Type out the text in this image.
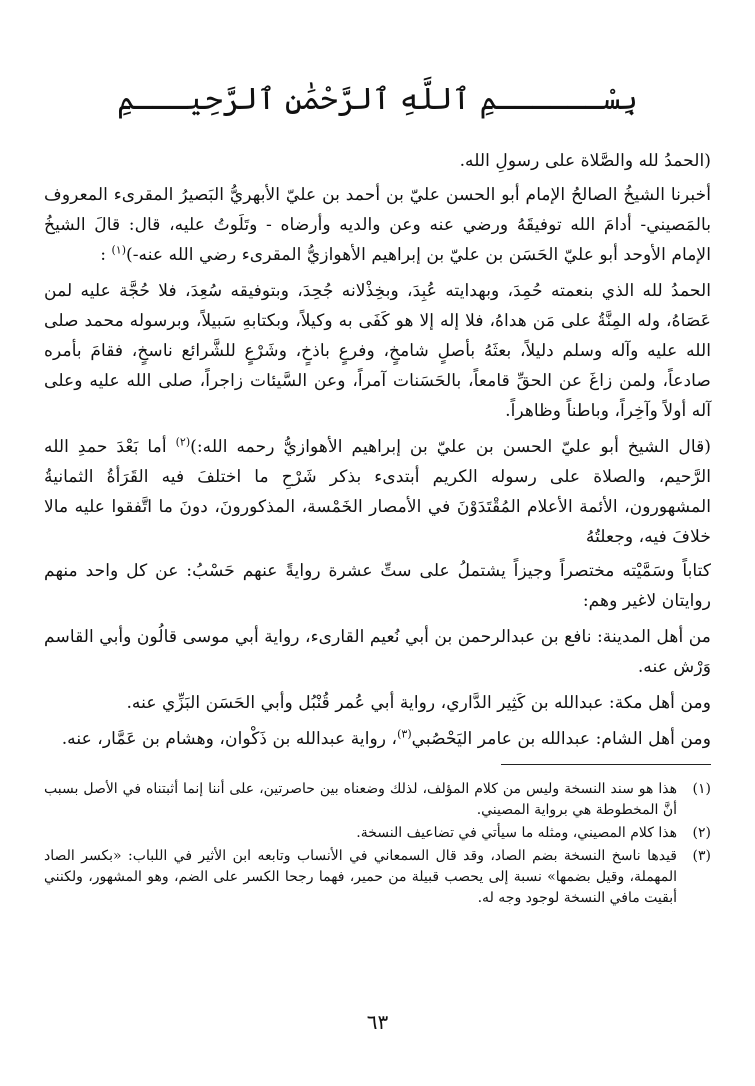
بِسْــــــمِ ٱللَّهِ ٱلرَّحْمَٰنِ ٱلرَّحِيـــمِ

(الحمدُ لله والصَّلاة على رسولِ الله.

أخبرنا الشيخُ الصالحُ الإمام أبو الحسن عليّ بن أحمد بن عليّ الأبهريُّ البَصيرُ المقرىء المعروف بالمَصيني- أدامَ الله توفيقَهُ ورضي عنه وعن والديه وأرضاه - وتَلَوتُ عليه، قال: قالَ الشيخُ الإمام الأوحد أبو عليّ الحَسَن بن عليّ بن إبراهيم الأهوازيُّ المقرىء رضي الله عنه-)$^{(١)}$ :

الحمدُ لله الذي بنعمته حُمِدَ، وبهدايته عُبِدَ، وبخِذْلانه جُحِدَ، وبتوفيقه سُعِدَ، فلا حُجَّة عليه لمن عَصَاهُ، وله المِنَّةُ على مَن هداهُ، فلا إله إلا هو كَفَى به وكيلاً، وبكتابهِ سَبيلاً، وبرسوله محمد صلى الله عليه وآله وسلم دليلاً، بعثَهُ بأصلٍ شامخٍ، وفرعٍ باذخٍ، وشَرْعٍ للشَّرائع ناسخٍ، فقامَ بأمره صادعاً، ولمن زاغَ عن الحقِّ قامعاً، بالحَسَنات آمراً، وعن السَّيئات زاجراً، صلى الله عليه وعلى آله أولاً وآخِراً، وباطناً وظاهراً.

(قال الشيخ أبو عليّ الحسن بن عليّ بن إبراهيم الأهوازيُّ رحمه الله:)$^{(٢)}$ أما بَعْدَ حمدِ الله الرَّحيم، والصلاة على رسوله الكريم أبتدىء بذكر شَرْحِ ما اختلفَ فيه القَرَأةُ الثمانيةُ المشهورون، الأئمة الأعلام المُقْتَدَوْنَ في الأمصار الخَمْسة، المذكورونَ، دونَ ما اتَّفقوا عليه مالا خلافَ فيه، وجعلتُهُ

كتاباً وسَمَّيْته مختصراً وجيزاً يشتملُ على ستِّ عشرة روايةً عنهم حَسْبُ: عن كل واحد منهم روايتان لاغير وهم:

من أهل المدينة: نافع بن عبدالرحمن بن أبي نُعيم القارىء، رواية أبي موسى قالُون وأبي القاسم وَرْش عنه.

ومن أهل مكة: عبدالله بن كَثِير الدَّاري، رواية أبي عُمر قُنْبُل وأبي الحَسَن البَزِّي عنه.

ومن أهل الشام: عبدالله بن عامر اليَحْصُبي$^{(٣)}$، رواية عبدالله بن ذَكْوان، وهشام بن عَمَّار، عنه.

(١)
هذا هو سند النسخة وليس من كلام المؤلف، لذلك وضعناه بين حاصرتين، على أننا إنما أثبتناه في الأصل بسبب أنَّ المخطوطة هي برواية المصيني.
(٢)
هذا كلام المصيني، ومثله ما سيأتي في تضاعيف النسخة.
(٣)
قيدها ناسخ النسخة بضم الصاد، وقد قال السمعاني في الأنساب وتابعه ابن الأثير في اللباب: «بكسر الصاد المهملة، وقيل بضمها» نسبة إلى يحصب قبيلة من حمير، فهما رجحا الكسر على الضم، وهو المشهور، ولكنني أبقيت مافي النسخة لوجود وجه له.
٦٣
